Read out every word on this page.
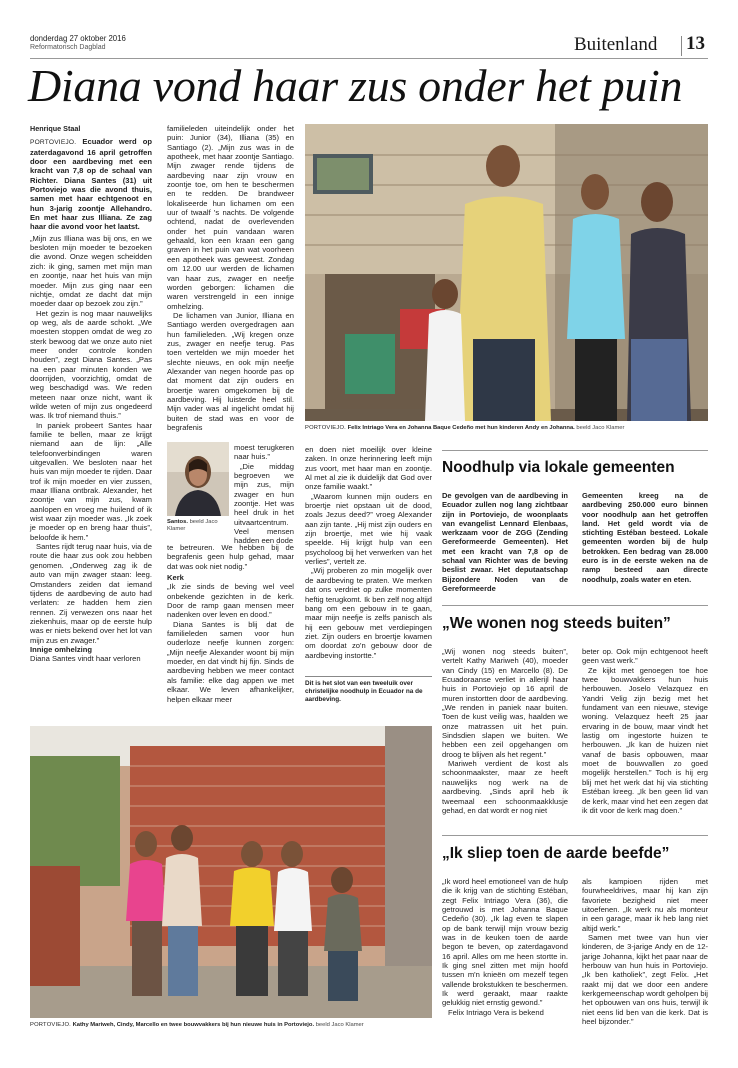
donderdag 27 oktober 2016
Reformatorisch Dagblad	Buitenland 13
Diana vond haar zus onder het puin

Henrique Staal

PORTOVIEJO. Ecuador werd op zaterdagavond 16 april getroffen door een aardbeving met een kracht van 7,8 op de schaal van Richter. Diana Santes (31) uit Portoviejo was die avond thuis, samen met haar echtgenoot en hun 3-jarig zoontje Allehandro. En met haar zus Illiana. Ze zag haar die avond voor het laatst.

„Mijn zus Illiana was bij ons, en we besloten mijn moeder te bezoeken die avond. Onze wegen scheidden zich: ik ging, samen met mijn man en zoontje, naar het huis van mijn moeder. Mijn zus ging naar een nichtje, omdat ze dacht dat mijn moeder daar op bezoek zou zijn.”

Het gezin is nog maar nauwelijks op weg, als de aarde schokt. „We moesten stoppen omdat de weg zo sterk bewoog dat we onze auto niet meer onder controle konden houden”, zegt Diana Santes. „Pas na een paar minuten konden we doorrijden, voorzichtig, omdat de weg beschadigd was. We reden meteen naar onze nicht, want ik wilde weten of mijn zus ongedeerd was. Ik trof niemand thuis.”

In paniek probeert Santes haar familie te bellen, maar ze krijgt niemand aan de lijn: „Alle telefoonverbindingen waren uitgevallen. We besloten naar het huis van mijn moeder te rijden. Daar trof ik mijn moeder en vier zussen, maar Illiana ontbrak. Alexander, het zoontje van mijn zus, kwam aanlopen en vroeg me huilend of ik wist waar zijn moeder was. „Ik zoek je moeder op en breng haar thuis”, beloofde ik hem.”

Santes rijdt terug naar huis, via de route die haar zus ook zou hebben genomen. „Onderweg zag ik de auto van mijn zwager staan: leeg. Omstanders zeiden dat iemand tijdens de aardbeving de auto had verlaten: ze hadden hem zien rennen. Zij verwezen ons naar het ziekenhuis, maar op de eerste hulp was er niets bekend over het lot van mijn zus en zwager.”

Innige omhelzing

Diana Santes vindt haar verloren

familieleden uiteindelijk onder het puin: Junior (34), Illiana (35) en Santiago (2). „Mijn zus was in de apotheek, met haar zoontje Santiago. Mijn zwager rende tijdens de aardbeving naar zijn vrouw en zoontje toe, om hen te beschermen en te redden. De brandweer lokaliseerde hun lichamen om een uur of twaalf 's nachts. De volgende ochtend, nadat de overlevenden onder het puin vandaan waren gehaald, kon een kraan een gang graven in het puin van wat voorheen een apotheek was geweest. Zondag om 12.00 uur werden de lichamen van haar zus, zwager en neefje worden geborgen: lichamen die waren verstrengeld in een innige omhelzing.

De lichamen van Junior, Illiana en Santiago werden overgedragen aan hun familieleden. „Wij kregen onze zus, zwager en neefje terug. Pas toen vertelden we mijn moeder het slechte nieuws, en ook mijn neefje Alexander van negen hoorde pas op dat moment dat zijn ouders en broertje waren omgekomen bij de aardbeving. Hij luisterde heel stil. Mijn vader was al ingelicht omdat hij buiten de stad was en voor de begrafenis

moest terugkeren naar huis.”

„Die middag begroeven we mijn zus, mijn zwager en hun zoontje. Het was heel druk in het uitvaartcentrum. Veel mensen hadden een dode

Santos. beeld Jaco Klamer

te betreuren. We hebben bij de begrafenis geen hulp gehad, maar dat was ook niet nodig.”

Kerk

„Ik zie sinds de beving wel veel onbekende gezichten in de kerk. Door de ramp gaan mensen meer nadenken over leven en dood.”

Diana Santes is blij dat de familieleden samen voor hun ouderloze neefje kunnen zorgen: „Mijn neefje Alexander woont bij mijn moeder, en dat vindt hij fijn. Sinds de aardbeving hebben we meer contact als familie: elke dag appen we met elkaar. We leven afhankelijker, helpen elkaar meer

en doen niet moeilijk over kleine zaken. In onze herinnering leeft mijn zus voort, met haar man en zoontje. Al met al zie ik duidelijk dat God over onze familie waakt.”

„Waarom kunnen mijn ouders en broertje niet opstaan uit de dood, zoals Jezus deed?” vroeg Alexander aan zijn tante. „Hij mist zijn ouders en zijn broertje, met wie hij vaak speelde. Hij krijgt hulp van een psycholoog bij het verwerken van het verlies”, vertelt ze.

„Wij proberen zo min mogelijk over de aardbeving te praten. We merken dat ons verdriet op zulke momenten heftig terugkomt. Ik ben zelf nog altijd bang om een gebouw in te gaan, maar mijn neefje is zelfs panisch als hij een gebouw met verdiepingen ziet. Zijn ouders en broertje kwamen om doordat zo'n gebouw door de aardbeving instortte.”

Dit is het slot van een tweeluik over christelijke noodhulp in Ecuador na de aardbeving.
PORTOVIEJO. Felix Intriago Vera en Johanna Baque Cedeño met hun kinderen Andy en Johanna. beeld Jaco Klamer
Noodhulp via lokale gemeenten
De gevolgen van de aardbeving in Ecuador zullen nog lang zichtbaar zijn in Portoviejo, de woonplaats van evangelist Lennard Elenbaas, werkzaam voor de ZGG (Zending Gereformeerde Gemeenten). Het met een kracht van 7,8 op de schaal van Richter was de beving beslist zwaar. Het deputaatschap Bijzondere Noden van de Gereformeerde
Gemeenten kreeg na de aardbeving 250.000 euro binnen voor noodhulp aan het getroffen land. Het geld wordt via de stichting Estéban besteed. Lokale gemeenten worden bij de hulp betrokken. Een bedrag van 28.000 euro is in de eerste weken na de ramp besteed aan directe noodhulp, zoals water en eten.
„We wonen nog steeds buiten”

„Wij wonen nog steeds buiten”, vertelt Kathy Mariweh (40), moeder van Cindy (15) en Marcello (8). De Ecuadoraanse verliet in allerijl haar huis in Portoviejo op 16 april de muren instortten door de aardbeving. „We renden in paniek naar buiten. Toen de kust veilig was, haalden we onze matrassen uit het puin. Sindsdien slapen we buiten. We hebben een zeil opgehangen om droog te blijven als het regent.”

Mariweh verdient de kost als schoonmaakster, maar ze heeft nauwelijks nog werk na de aardbeving. „Sinds april heb ik tweemaal een schoonmaakklusje gehad, en dat wordt er nog niet

beter op. Ook mijn echtgenoot heeft geen vast werk.”

Ze kijkt met genoegen toe hoe twee bouwvakkers hun huis herbouwen. Joselo Velazquez en Yandri Velig zijn bezig met het fundament van een nieuwe, stevige woning. Velazquez heeft 25 jaar ervaring in de bouw, maar vindt het lastig om ingestorte huizen te herbouwen. „Ik kan de huizen niet vanaf de basis opbouwen, maar moet de bouwvallen zo goed mogelijk herstellen.” Toch is hij erg blij met het werk dat hij via stichting Estéban kreeg. „Ik ben geen lid van de kerk, maar vind het een zegen dat ik dit voor de kerk mag doen.”

„Ik sliep toen de aarde beefde”

„Ik word heel emotioneel van de hulp die ik krijg van de stichting Estéban, zegt Felix Intriago Vera (36), die getrouwd is met Johanna Baque Cedeño (30). „Ik lag even te slapen op de bank terwijl mijn vrouw bezig was in de keuken toen de aarde begon te beven, op zaterdagavond 16 april. Alles om me heen stortte in. Ik ging snel zitten met mijn hoofd tussen m'n knieën om mezelf tegen vallende brokstukken te beschermen. Ik werd geraakt, maar raakte gelukkig niet ernstig gewond.”

Felix Intriago Vera is bekend

als kampioen rijden met fourwheeldrives, maar hij kan zijn favoriete bezigheid niet meer uitoefenen. „Ik werk nu als monteur in een garage, maar ik heb lang niet altijd werk.”

Samen met twee van hun vier kinderen, de 3-jarige Andy en de 12-jarige Johanna, kijkt het paar naar de herbouw van hun huis in Portoviejo. „Ik ben katholiek”, zegt Felix. „Het raakt mij dat we door een andere kerkgemeenschap wordt geholpen bij het opbouwen van ons huis, terwijl ik niet eens lid ben van die kerk. Dat is heel bijzonder.”

PORTOVIEJO. Kathy Mariweh, Cindy, Marcello en twee bouwvakkers bij hun nieuwe huis in Portoviejo. beeld Jaco Klamer
